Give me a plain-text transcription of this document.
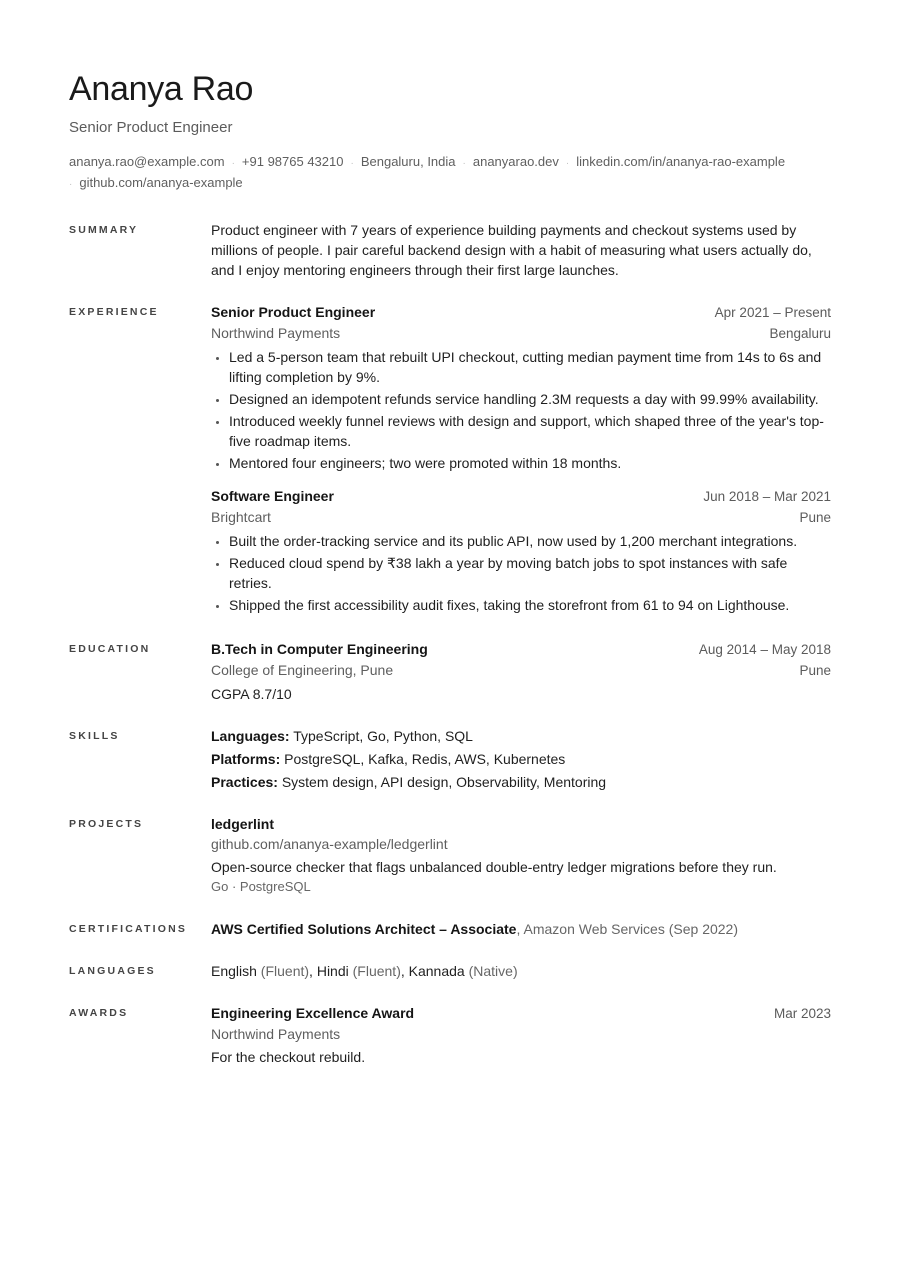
Ananya Rao
Senior Product Engineer
ananya.rao@example.com · +91 98765 43210 · Bengaluru, India · ananyarao.dev · linkedin.com/in/ananya-rao-example
· github.com/ananya-example
SUMMARY	Product engineer with 7 years of experience building payments and checkout systems used by millions of people. I pair careful backend design with a habit of measuring what users actually do, and I enjoy mentoring engineers through their first large launches.
EXPERIENCE	Senior Product Engineer	Apr 2021 – Present
Northwind Payments	Bengaluru
• Led a 5-person team that rebuilt UPI checkout, cutting median payment time from 14s to 6s and lifting completion by 9%.
• Designed an idempotent refunds service handling 2.3M requests a day with 99.99% availability.
• Introduced weekly funnel reviews with design and support, which shaped three of the year's top-five roadmap items.
• Mentored four engineers; two were promoted within 18 months.
Software Engineer	Jun 2018 – Mar 2021
Brightcart	Pune
• Built the order-tracking service and its public API, now used by 1,200 merchant integrations.
• Reduced cloud spend by ₹38 lakh a year by moving batch jobs to spot instances with safe retries.
• Shipped the first accessibility audit fixes, taking the storefront from 61 to 94 on Lighthouse.
EDUCATION	B.Tech in Computer Engineering	Aug 2014 – May 2018
College of Engineering, Pune	Pune
CGPA 8.7/10
SKILLS	Languages: TypeScript, Go, Python, SQL
Platforms: PostgreSQL, Kafka, Redis, AWS, Kubernetes
Practices: System design, API design, Observability, Mentoring
PROJECTS	ledgerlint
github.com/ananya-example/ledgerlint
Open-source checker that flags unbalanced double-entry ledger migrations before they run.
Go · PostgreSQL
CERTIFICATIONS	AWS Certified Solutions Architect – Associate, Amazon Web Services (Sep 2022)
LANGUAGES	English (Fluent), Hindi (Fluent), Kannada (Native)
AWARDS	Engineering Excellence Award	Mar 2023
Northwind Payments
For the checkout rebuild.
